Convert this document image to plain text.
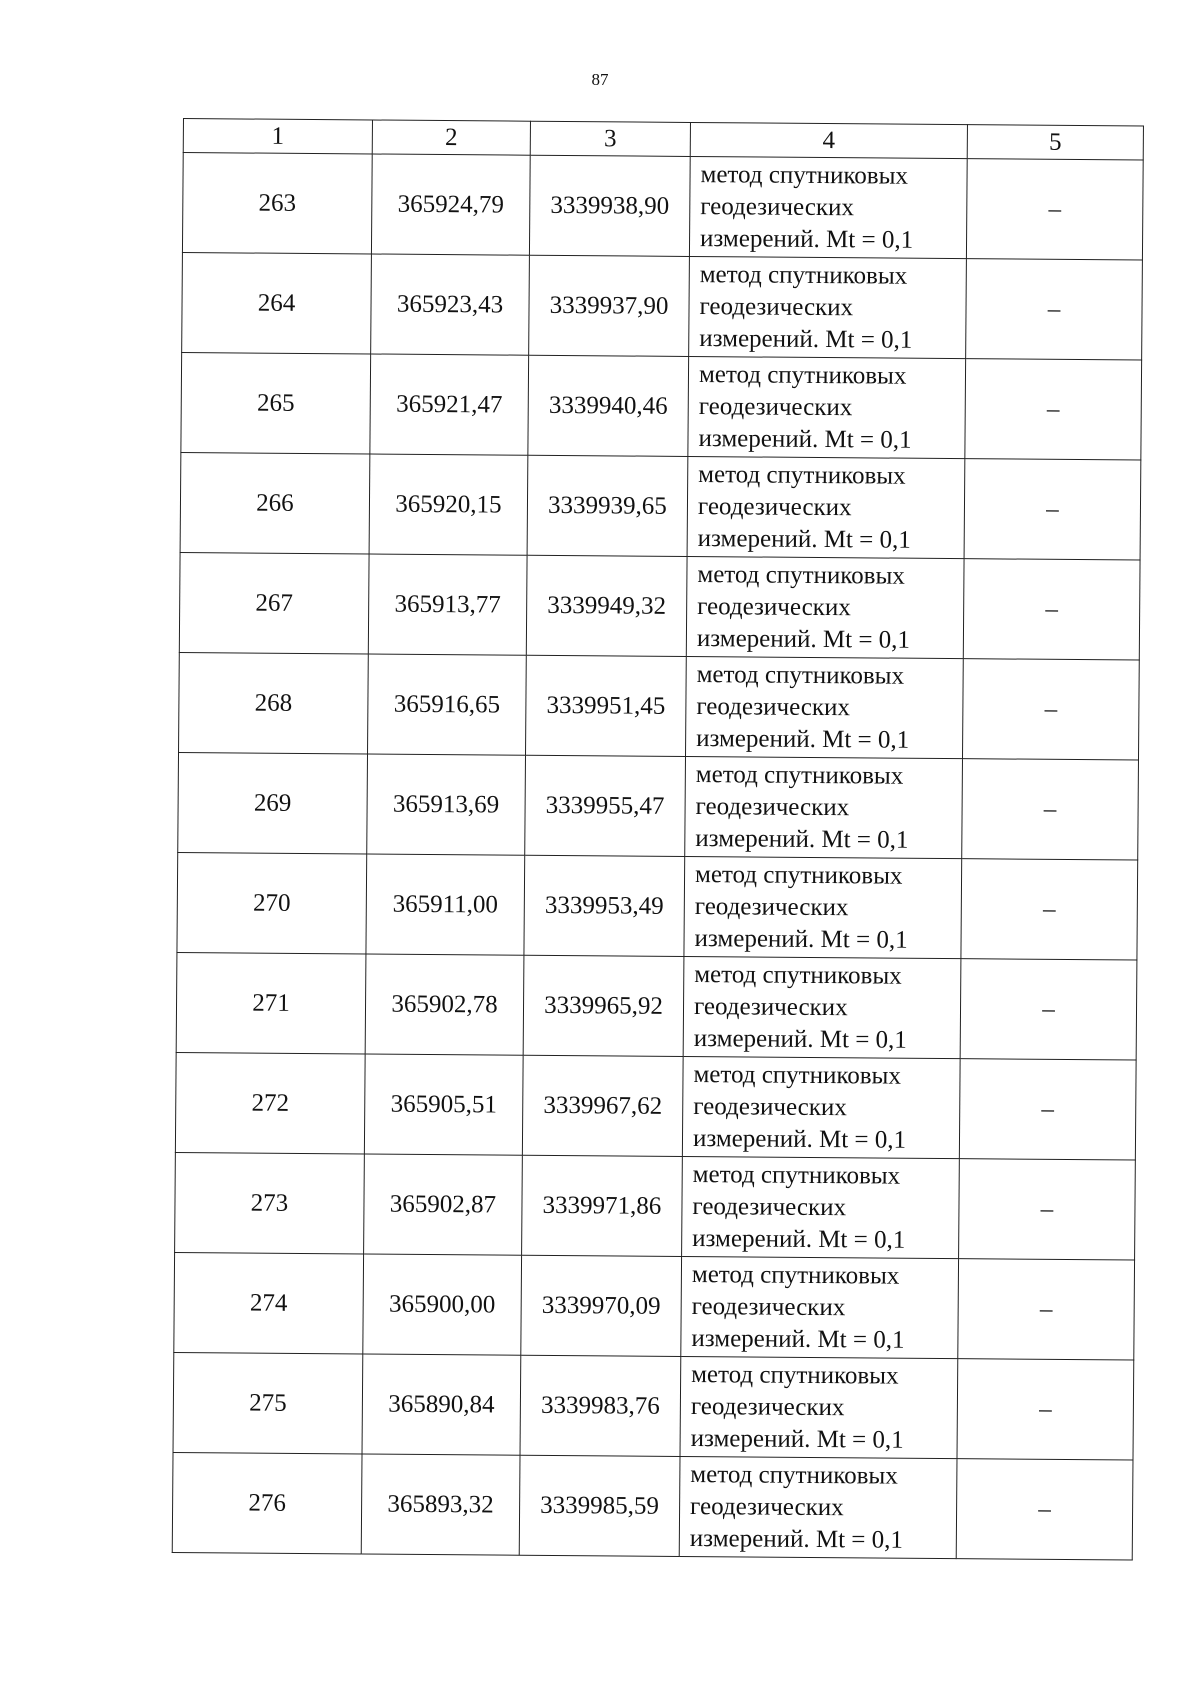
87
1	2	3	4	5
263	365924,79	3339938,90	метод спутниковых
геодезических
измерений. Mt = 0,1	–
264	365923,43	3339937,90	метод спутниковых
геодезических
измерений. Mt = 0,1	–
265	365921,47	3339940,46	метод спутниковых
геодезических
измерений. Mt = 0,1	–
266	365920,15	3339939,65	метод спутниковых
геодезических
измерений. Mt = 0,1	–
267	365913,77	3339949,32	метод спутниковых
геодезических
измерений. Mt = 0,1	–
268	365916,65	3339951,45	метод спутниковых
геодезических
измерений. Mt = 0,1	–
269	365913,69	3339955,47	метод спутниковых
геодезических
измерений. Mt = 0,1	–
270	365911,00	3339953,49	метод спутниковых
геодезических
измерений. Mt = 0,1	–
271	365902,78	3339965,92	метод спутниковых
геодезических
измерений. Mt = 0,1	–
272	365905,51	3339967,62	метод спутниковых
геодезических
измерений. Mt = 0,1	–
273	365902,87	3339971,86	метод спутниковых
геодезических
измерений. Mt = 0,1	–
274	365900,00	3339970,09	метод спутниковых
геодезических
измерений. Mt = 0,1	–
275	365890,84	3339983,76	метод спутниковых
геодезических
измерений. Mt = 0,1	–
276	365893,32	3339985,59	метод спутниковых
геодезических
измерений. Mt = 0,1	–
